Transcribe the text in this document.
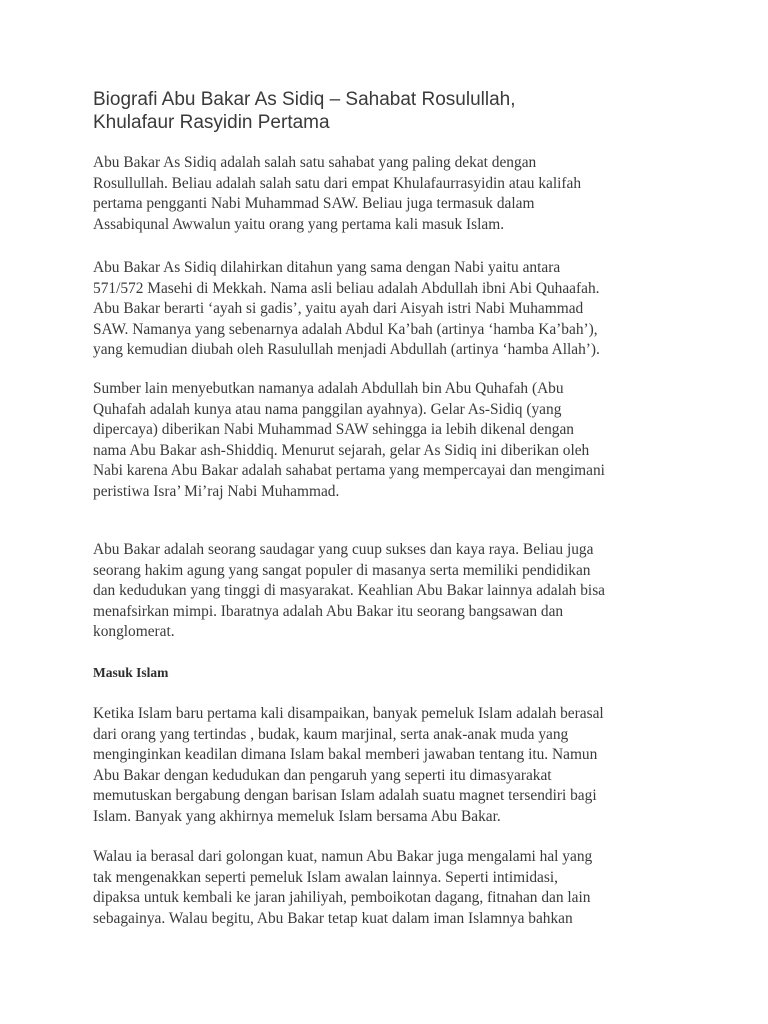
Biografi Abu Bakar As Sidiq – Sahabat Rosulullah,
Khulafaur Rasyidin Pertama

Abu Bakar As Sidiq adalah salah satu sahabat yang paling dekat dengan
Rosullullah. Beliau adalah salah satu dari empat Khulafaurrasyidin atau kalifah
pertama pengganti Nabi Muhammad SAW. Beliau juga termasuk dalam
Assabiqunal Awwalun yaitu orang yang pertama kali masuk Islam.

Abu Bakar As Sidiq dilahirkan ditahun yang sama dengan Nabi yaitu antara
571/572 Masehi di Mekkah. Nama asli beliau adalah Abdullah ibni Abi Quhaafah.
Abu Bakar berarti ‘ayah si gadis’, yaitu ayah dari Aisyah istri Nabi Muhammad
SAW. Namanya yang sebenarnya adalah Abdul Ka’bah (artinya ‘hamba Ka’bah’),
yang kemudian diubah oleh Rasulullah menjadi Abdullah (artinya ‘hamba Allah’).

Sumber lain menyebutkan namanya adalah Abdullah bin Abu Quhafah (Abu
Quhafah adalah kunya atau nama panggilan ayahnya). Gelar As-Sidiq (yang
dipercaya) diberikan Nabi Muhammad SAW sehingga ia lebih dikenal dengan
nama Abu Bakar ash-Shiddiq. Menurut sejarah, gelar As Sidiq ini diberikan oleh
Nabi karena Abu Bakar adalah sahabat pertama yang mempercayai dan mengimani
peristiwa Isra’ Mi’raj Nabi Muhammad.

Abu Bakar adalah seorang saudagar yang cuup sukses dan kaya raya. Beliau juga
seorang hakim agung yang sangat populer di masanya serta memiliki pendidikan
dan kedudukan yang tinggi di masyarakat. Keahlian Abu Bakar lainnya adalah bisa
menafsirkan mimpi. Ibaratnya adalah Abu Bakar itu seorang bangsawan dan
konglomerat.

Masuk Islam

Ketika Islam baru pertama kali disampaikan, banyak pemeluk Islam adalah berasal
dari orang yang tertindas , budak, kaum marjinal, serta anak-anak muda yang
menginginkan keadilan dimana Islam bakal memberi jawaban tentang itu. Namun
Abu Bakar dengan kedudukan dan pengaruh yang seperti itu dimasyarakat
memutuskan bergabung dengan barisan Islam adalah suatu magnet tersendiri bagi
Islam. Banyak yang akhirnya memeluk Islam bersama Abu Bakar.

Walau ia berasal dari golongan kuat, namun Abu Bakar juga mengalami hal yang
tak mengenakkan seperti pemeluk Islam awalan lainnya. Seperti intimidasi,
dipaksa untuk kembali ke jaran jahiliyah, pemboikotan dagang, fitnahan dan lain
sebagainya. Walau begitu, Abu Bakar tetap kuat dalam iman Islamnya bahkan
